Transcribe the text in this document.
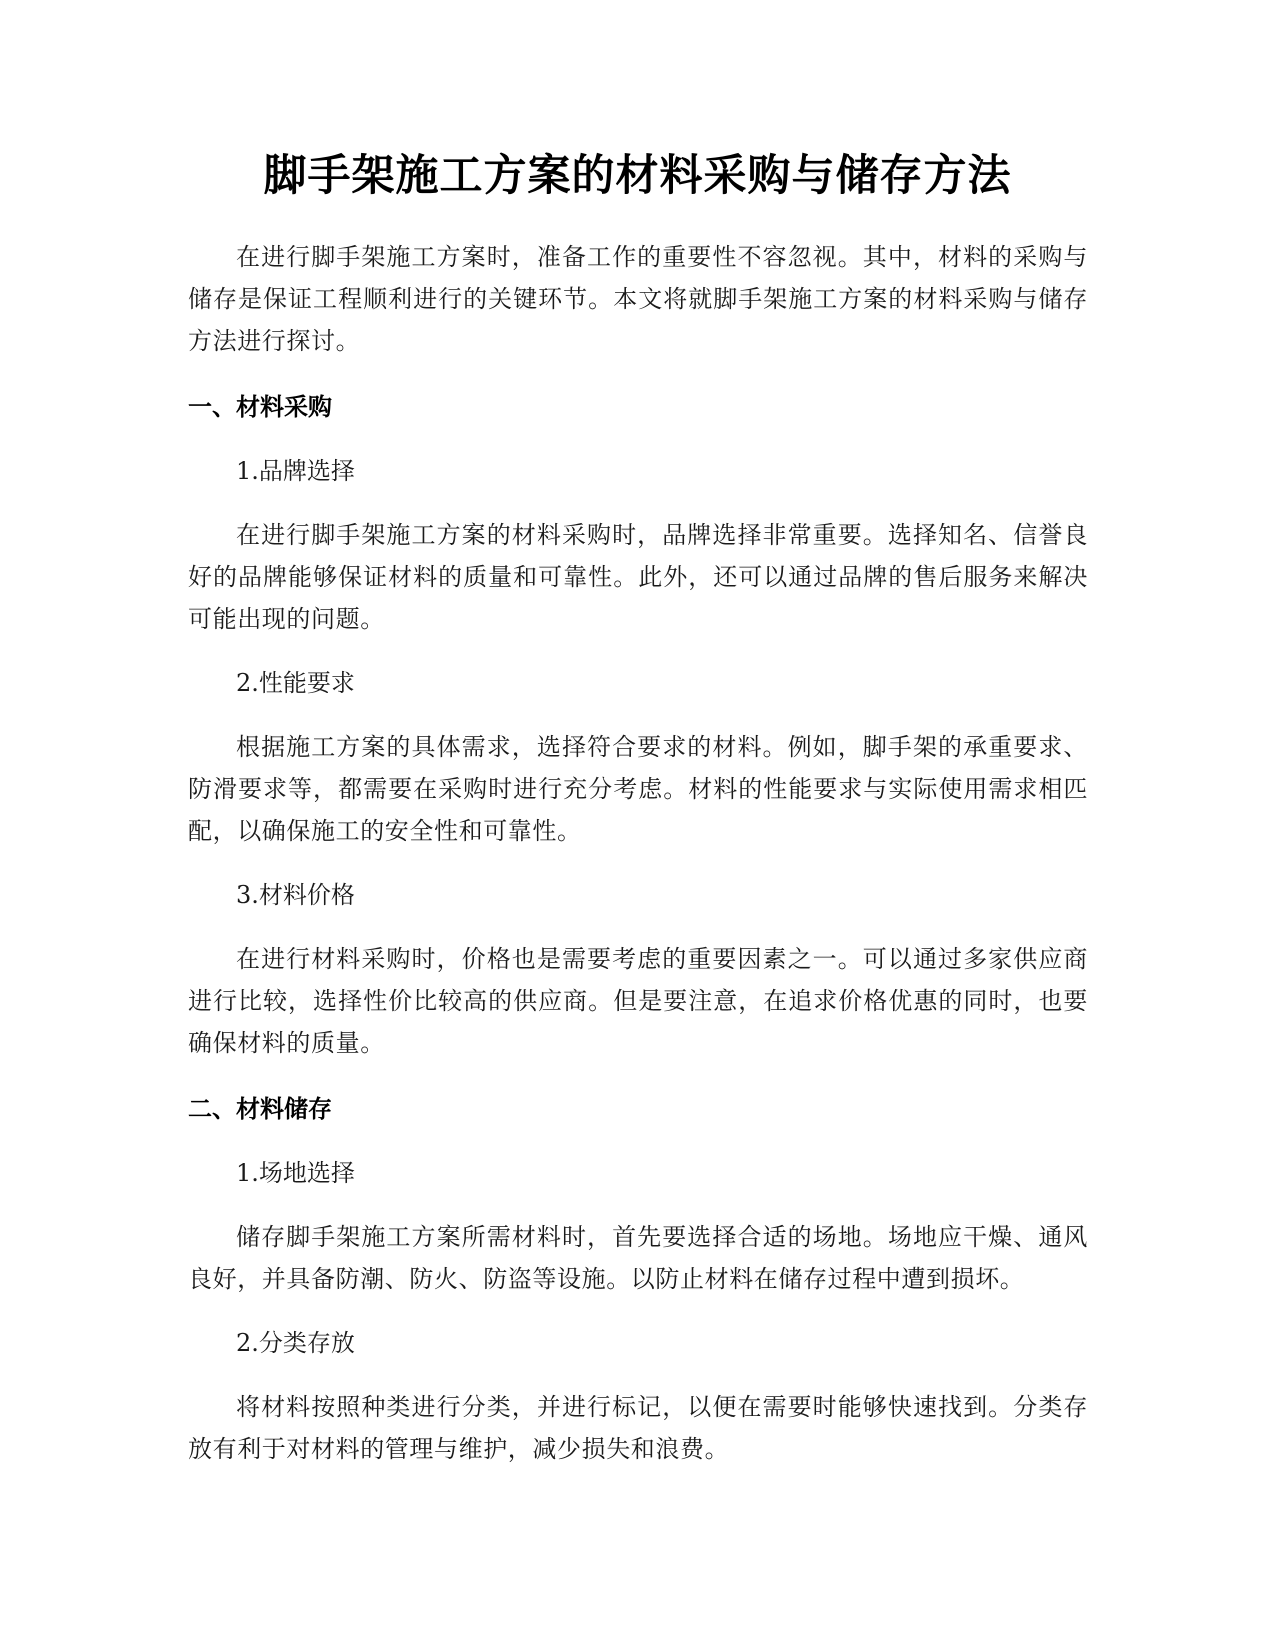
脚手架施工方案的材料采购与储存方法

在进行脚手架施工方案时，准备工作的重要性不容忽视。其中，材料的采购与储存是保证工程顺利进行的关键环节。本文将就脚手架施工方案的材料采购与储存方法进行探讨。

一、材料采购

1.品牌选择

在进行脚手架施工方案的材料采购时，品牌选择非常重要。选择知名、信誉良好的品牌能够保证材料的质量和可靠性。此外，还可以通过品牌的售后服务来解决可能出现的问题。

2.性能要求

根据施工方案的具体需求，选择符合要求的材料。例如，脚手架的承重要求、防滑要求等，都需要在采购时进行充分考虑。材料的性能要求与实际使用需求相匹配，以确保施工的安全性和可靠性。

3.材料价格

在进行材料采购时，价格也是需要考虑的重要因素之一。可以通过多家供应商进行比较，选择性价比较高的供应商。但是要注意，在追求价格优惠的同时，也要确保材料的质量。

二、材料储存

1.场地选择

储存脚手架施工方案所需材料时，首先要选择合适的场地。场地应干燥、通风良好，并具备防潮、防火、防盗等设施。以防止材料在储存过程中遭到损坏。

2.分类存放

将材料按照种类进行分类，并进行标记，以便在需要时能够快速找到。分类存放有利于对材料的管理与维护，减少损失和浪费。
